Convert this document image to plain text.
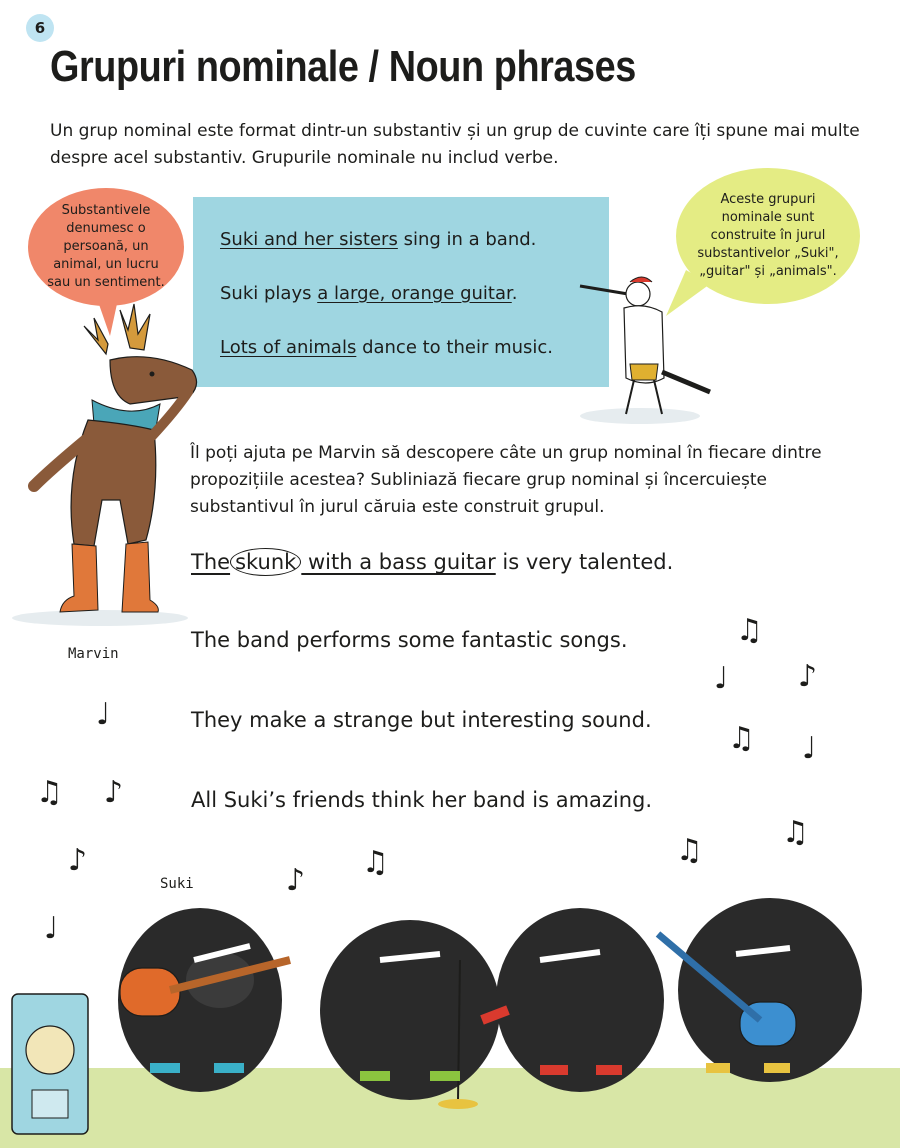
6
Grupuri nominale / Noun phrases

Un grup nominal este format dintr-un substantiv și un grup de cuvinte care îți spune mai multe despre acel substantiv. Grupurile nominale nu includ verbe.

Substantivele denumesc o persoană, un animal, un lucru sau un sentiment.
Aceste grupuri nominale sunt construite în jurul substantivelor „Suki", „guitar" și „animals".
Suki and her sisters sing in a band.
Suki plays a large, orange guitar.
Lots of animals dance to their music.
Marvin

Îl poți ajuta pe Marvin să descopere câte un grup nominal în fiecare dintre propozițiile acestea? Subliniază fiecare grup nominal și încercuiește substantivul în jurul căruia este construit grupul.

The skunk with a bass guitar is very talented.
The band performs some fantastic songs.
They make a strange but interesting sound.
All Suki’s friends think her band is amazing.
♫
♩ ♪
♫ ♩
♩
♫ ♪
♪
♩
♪
♫	♫
♫
Suki
